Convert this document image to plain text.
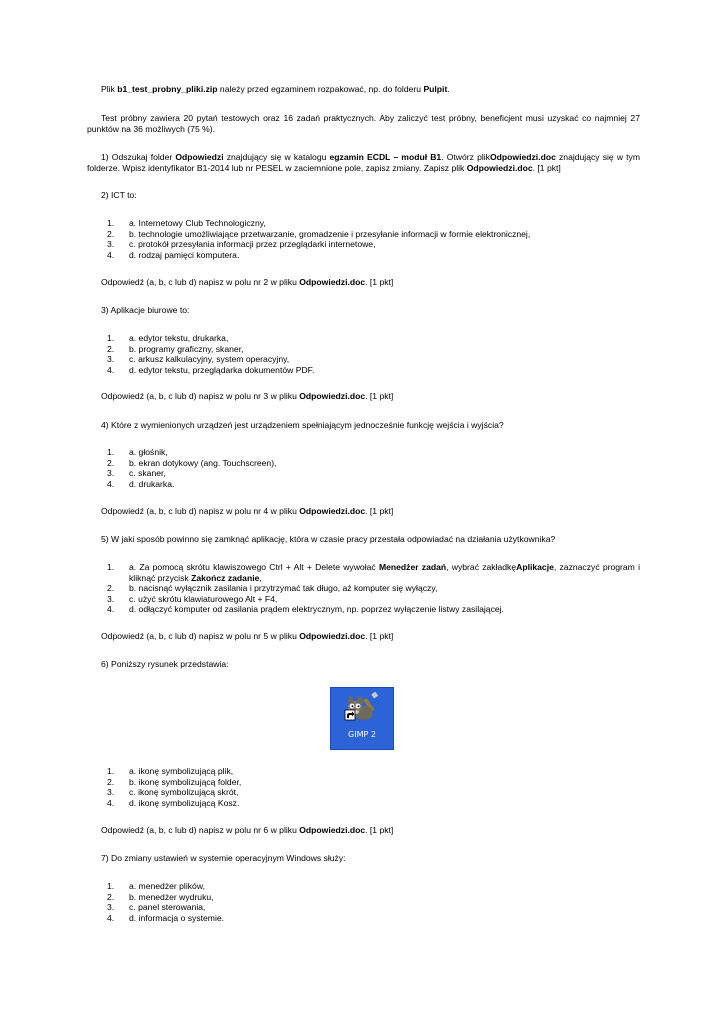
Plik b1_test_probny_pliki.zip należy przed egzaminem rozpakować, np. do folderu Pulpit.

Test próbny zawiera 20 pytań testowych oraz 16 zadań praktycznych. Aby zaliczyć test próbny, beneficjent musi uzyskać co najmniej 27 punktów na 36 możliwych (75 %).

1) Odszukaj folder Odpowiedzi znajdujący się w katalogu egzamin ECDL – moduł B1. Otwórz plikOdpowiedzi.doc znajdujący się w tym folderze. Wpisz identyfikator B1-2014 lub nr PESEL w zaciemnione pole, zapisz zmiany. Zapisz plik Odpowiedzi.doc. [1 pkt]

2) ICT to:

1. a. Internetowy Club Technologiczny,
2. b. technologie umożliwiające przetwarzanie, gromadzenie i przesyłanie informacji w formie elektronicznej,
3. c. protokół przesyłania informacji przez przeglądarki internetowe,
4. d. rodzaj pamięci komputera.

Odpowiedź (a, b, c lub d) napisz w polu nr 2 w pliku Odpowiedzi.doc. [1 pkt]

3) Aplikacje biurowe to:

1. a. edytor tekstu, drukarka,
2. b. programy graficzny, skaner,
3. c. arkusz kalkulacyjny, system operacyjny,
4. d. edytor tekstu, przeglądarka dokumentów PDF.

Odpowiedź (a, b, c lub d) napisz w polu nr 3 w pliku Odpowiedzi.doc. [1 pkt]

4) Które z wymienionych urządzeń jest urządzeniem spełniającym jednocześnie funkcję wejścia i wyjścia?

1. a. głośnik,
2. b. ekran dotykowy (ang. Touchscreen),
3. c. skaner,
4. d. drukarka.

Odpowiedź (a, b, c lub d) napisz w polu nr 4 w pliku Odpowiedzi.doc. [1 pkt]

5) W jaki sposób powinno się zamknąć aplikację, która w czasie pracy przestała odpowiadać na działania użytkownika?

1. a. Za pomocą skrótu klawiszowego Ctrl + Alt + Delete wywołać Menedżer zadań, wybrać zakładkęAplikacje, zaznaczyć program i kliknąć przycisk Zakończ zadanie,
2. b. nacisnąć wyłącznik zasilania i przytrzymać tak długo, aż komputer się wyłączy,
3. c. użyć skrótu klawiaturowego Alt + F4,
4. d. odłączyć komputer od zasilania prądem elektrycznym, np. poprzez wyłączenie listwy zasilającej.

Odpowiedź (a, b, c lub d) napisz w polu nr 5 w pliku Odpowiedzi.doc. [1 pkt]

6) Poniższy rysunek przedstawia:

GIMP 2
1. a. ikonę symbolizującą plik,
2. b. ikonę symbolizującą folder,
3. c. ikonę symbolizującą skrót,
4. d. ikonę symbolizującą Kosz.

Odpowiedź (a, b, c lub d) napisz w polu nr 6 w pliku Odpowiedzi.doc. [1 pkt]

7) Do zmiany ustawień w systemie operacyjnym Windows służy:

1. a. menedżer plików,
2. b. menedżer wydruku,
3. c. panel sterowania,
4. d. informacja o systemie.
